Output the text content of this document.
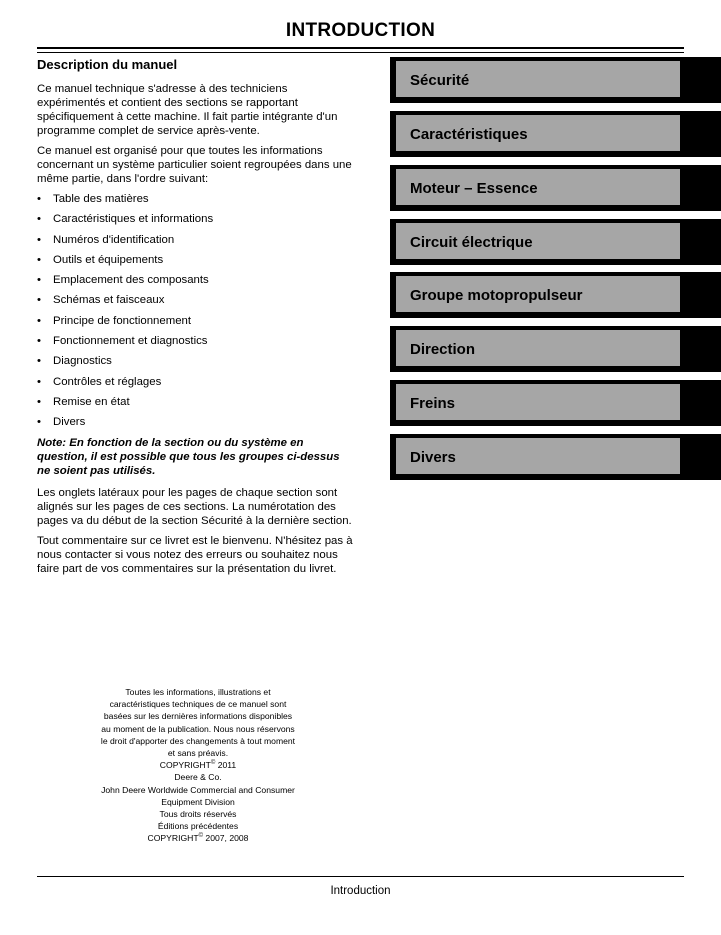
INTRODUCTION
Description du manuel

Ce manuel technique s'adresse à des techniciens expérimentés et contient des sections se rapportant spécifiquement à cette machine. Il fait partie intégrante d'un programme complet de service après-vente.

Ce manuel est organisé pour que toutes les informations concernant un système particulier soient regroupées dans une même partie, dans l'ordre suivant:

• Table des matières
• Caractéristiques et informations
• Numéros d'identification
• Outils et équipements
• Emplacement des composants
• Schémas et faisceaux
• Principe de fonctionnement
• Fonctionnement et diagnostics
• Diagnostics
• Contrôles et réglages
• Remise en état
• Divers

Note: En fonction de la section ou du système en question, il est possible que tous les groupes ci-dessus ne soient pas utilisés.

Les onglets latéraux pour les pages de chaque section sont alignés sur les pages de ces sections. La numérotation des pages va du début de la section Sécurité à la dernière section.

Tout commentaire sur ce livret est le bienvenu. N'hésitez pas à nous contacter si vous notez des erreurs ou souhaitez nous faire part de vos commentaires sur la présentation du livret.

Toutes les informations, illustrations et caractéristiques techniques de ce manuel sont basées sur les dernières informations disponibles au moment de la publication. Nous nous réservons le droit d'apporter des changements à tout moment et sans préavis.
COPYRIGHT© 2011
Deere & Co.
John Deere Worldwide Commercial and Consumer Equipment Division
Tous droits réservés
Éditions précédentes
COPYRIGHT© 2007, 2008
Sécurité
Caractéristiques
Moteur – Essence
Circuit électrique
Groupe motopropulseur
Direction
Freins
Divers
Introduction
